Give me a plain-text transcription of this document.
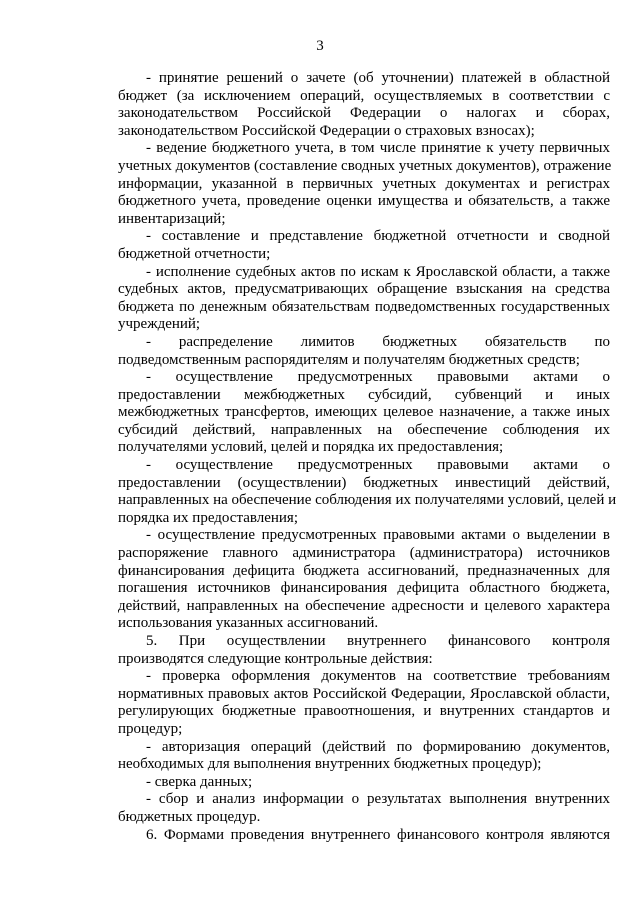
3
- принятие решений о зачете (об уточнении) платежей в областной
бюджет (за исключением операций, осуществляемых в соответствии с
законодательством Российской Федерации о налогах и сборах,
законодательством Российской Федерации о страховых взносах);
- ведение бюджетного учета, в том числе принятие к учету первичных
учетных документов (составление сводных учетных документов), отражение
информации, указанной в первичных учетных документах и регистрах
бюджетного учета, проведение оценки имущества и обязательств, а также
инвентаризаций;
- составление и представление бюджетной отчетности и сводной
бюджетной отчетности;
- исполнение судебных актов по искам к Ярославской области, а также
судебных актов, предусматривающих обращение взыскания на средства
бюджета по денежным обязательствам подведомственных государственных
учреждений;
- распределение лимитов бюджетных обязательств по
подведомственным распорядителям и получателям бюджетных средств;
- осуществление предусмотренных правовыми актами о
предоставлении межбюджетных субсидий, субвенций и иных
межбюджетных трансфертов, имеющих целевое назначение, а также иных
субсидий действий, направленных на обеспечение соблюдения их
получателями условий, целей и порядка их предоставления;
- осуществление предусмотренных правовыми актами о
предоставлении (осуществлении) бюджетных инвестиций действий,
направленных на обеспечение соблюдения их получателями условий, целей и
порядка их предоставления;
- осуществление предусмотренных правовыми актами о выделении в
распоряжение главного администратора (администратора) источников
финансирования дефицита бюджета ассигнований, предназначенных для
погашения источников финансирования дефицита областного бюджета,
действий, направленных на обеспечение адресности и целевого характера
использования указанных ассигнований.
5. При осуществлении внутреннего финансового контроля
производятся следующие контрольные действия:
- проверка оформления документов на соответствие требованиям
нормативных правовых актов Российской Федерации, Ярославской области,
регулирующих бюджетные правоотношения, и внутренних стандартов и
процедур;
- авторизация операций (действий по формированию документов,
необходимых для выполнения внутренних бюджетных процедур);
- сверка данных;
- сбор и анализ информации о результатах выполнения внутренних
бюджетных процедур.
6. Формами проведения внутреннего финансового контроля являются
